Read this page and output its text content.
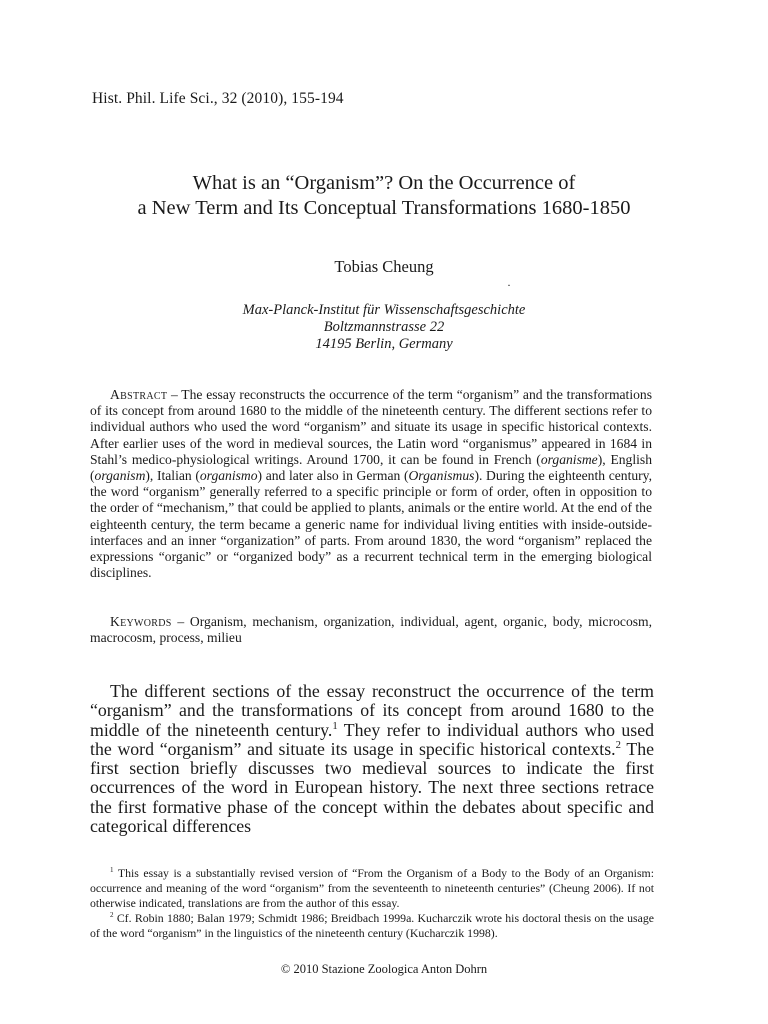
Hist. Phil. Life Sci., 32 (2010), 155-194
What is an “Organism”? On the Occurrence of
a New Term and Its Conceptual Transformations 1680-1850
Tobias Cheung
·
Max-Planck-Institut für Wissenschaftsgeschichte
Boltzmannstrasse 22
14195 Berlin, Germany

Abstract – The essay reconstructs the occurrence of the term “organism” and the transformations of its concept from around 1680 to the middle of the nineteenth century. The different sections refer to individual authors who used the word “organism” and situate its usage in specific historical contexts. After earlier uses of the word in medieval sources, the Latin word “organismus” appeared in 1684 in Stahl’s medico-physiological writings. Around 1700, it can be found in French (organisme), English (organism), Italian (organismo) and later also in German (Organismus). During the eighteenth century, the word “organism” generally referred to a specific principle or form of order, often in opposition to the order of “mechanism,” that could be applied to plants, animals or the entire world. At the end of the eighteenth century, the term became a generic name for individual living entities with inside-outside-interfaces and an inner “organization” of parts. From around 1830, the word “organism” replaced the expressions “organic” or “organized body” as a recurrent technical term in the emerging biological disciplines.

Keywords – Organism, mechanism, organization, individual, agent, organic, body, microcosm, macrocosm, process, milieu

The different sections of the essay reconstruct the occurrence of the term “organism” and the transformations of its concept from around 1680 to the middle of the nineteenth century.$^1$ They refer to individual authors who used the word “organism” and situate its usage in specific historical contexts.$^2$ The first section briefly discusses two medieval sources to indicate the first occurrences of the word in European history. The next three sections retrace the first formative phase of the concept within the debates about specific and categorical differences

$^1$ This essay is a substantially revised version of “From the Organism of a Body to the Body of an Organism: occurrence and meaning of the word “organism” from the seventeenth to nineteenth centuries” (Cheung 2006). If not otherwise indicated, translations are from the author of this essay.

$^2$ Cf. Robin 1880; Balan 1979; Schmidt 1986; Breidbach 1999a. Kucharczik wrote his doctoral thesis on the usage of the word “organism” in the linguistics of the nineteenth century (Kucharczik 1998).

© 2010 Stazione Zoologica Anton Dohrn
